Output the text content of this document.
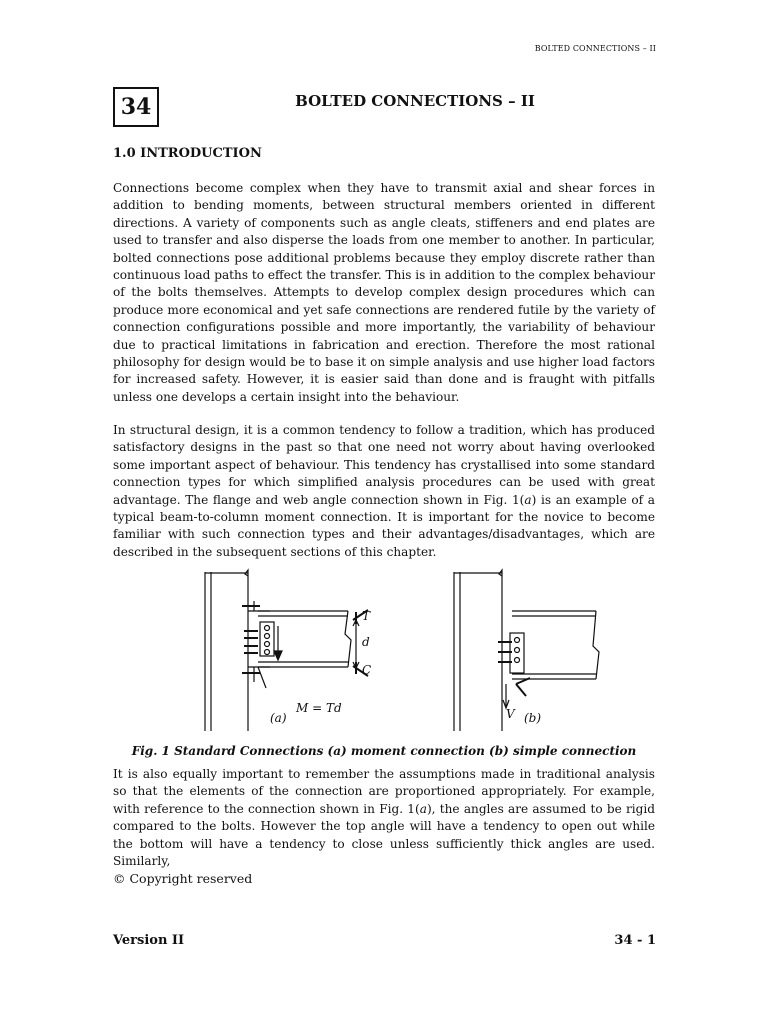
BOLTED CONNECTIONS – II
34	BOLTED CONNECTIONS – II
1.0 INTRODUCTION

Connections become complex when they have to transmit axial and shear forces in addition to bending moments, between structural members oriented in different directions. A variety of components such as angle cleats, stiffeners and end plates are used to transfer and also disperse the loads from one member to another. In particular, bolted connections pose additional problems because they employ discrete rather than continuous load paths to effect the transfer. This is in addition to the complex behaviour of the bolts themselves. Attempts to develop complex design procedures which can produce more economical and yet safe connections are rendered futile by the variety of connection configurations possible and more importantly, the variability of behaviour due to practical limitations in fabrication and erection. Therefore the most rational philosophy for design would be to base it on simple analysis and use higher load factors for increased safety. However, it is easier said than done and is fraught with pitfalls unless one develops a certain insight into the behaviour.

In structural design, it is a common tendency to follow a tradition, which has produced satisfactory designs in the past so that one need not worry about having overlooked some important aspect of behaviour. This tendency has crystallised into some standard connection types for which simplified analysis procedures can be used with great advantage. The flange and web angle connection shown in Fig. 1(a) is an example of a typical beam-to-column moment connection. It is important for the novice to become familiar with such connection types and their advantages/disadvantages, which are described in the subsequent sections of this chapter.

T
d
C
M = Td
(a)	V (b)
Fig. 1 Standard Connections (a) moment connection (b) simple connection

It is also equally important to remember the assumptions made in traditional analysis so that the elements of the connection are proportioned appropriately. For example, with reference to the connection shown in Fig. 1(a), the angles are assumed to be rigid compared to the bolts. However the top angle will have a tendency to open out while the bottom will have a tendency to close unless sufficiently thick angles are used. Similarly,

© Copyright reserved
Version II	34 - 1
